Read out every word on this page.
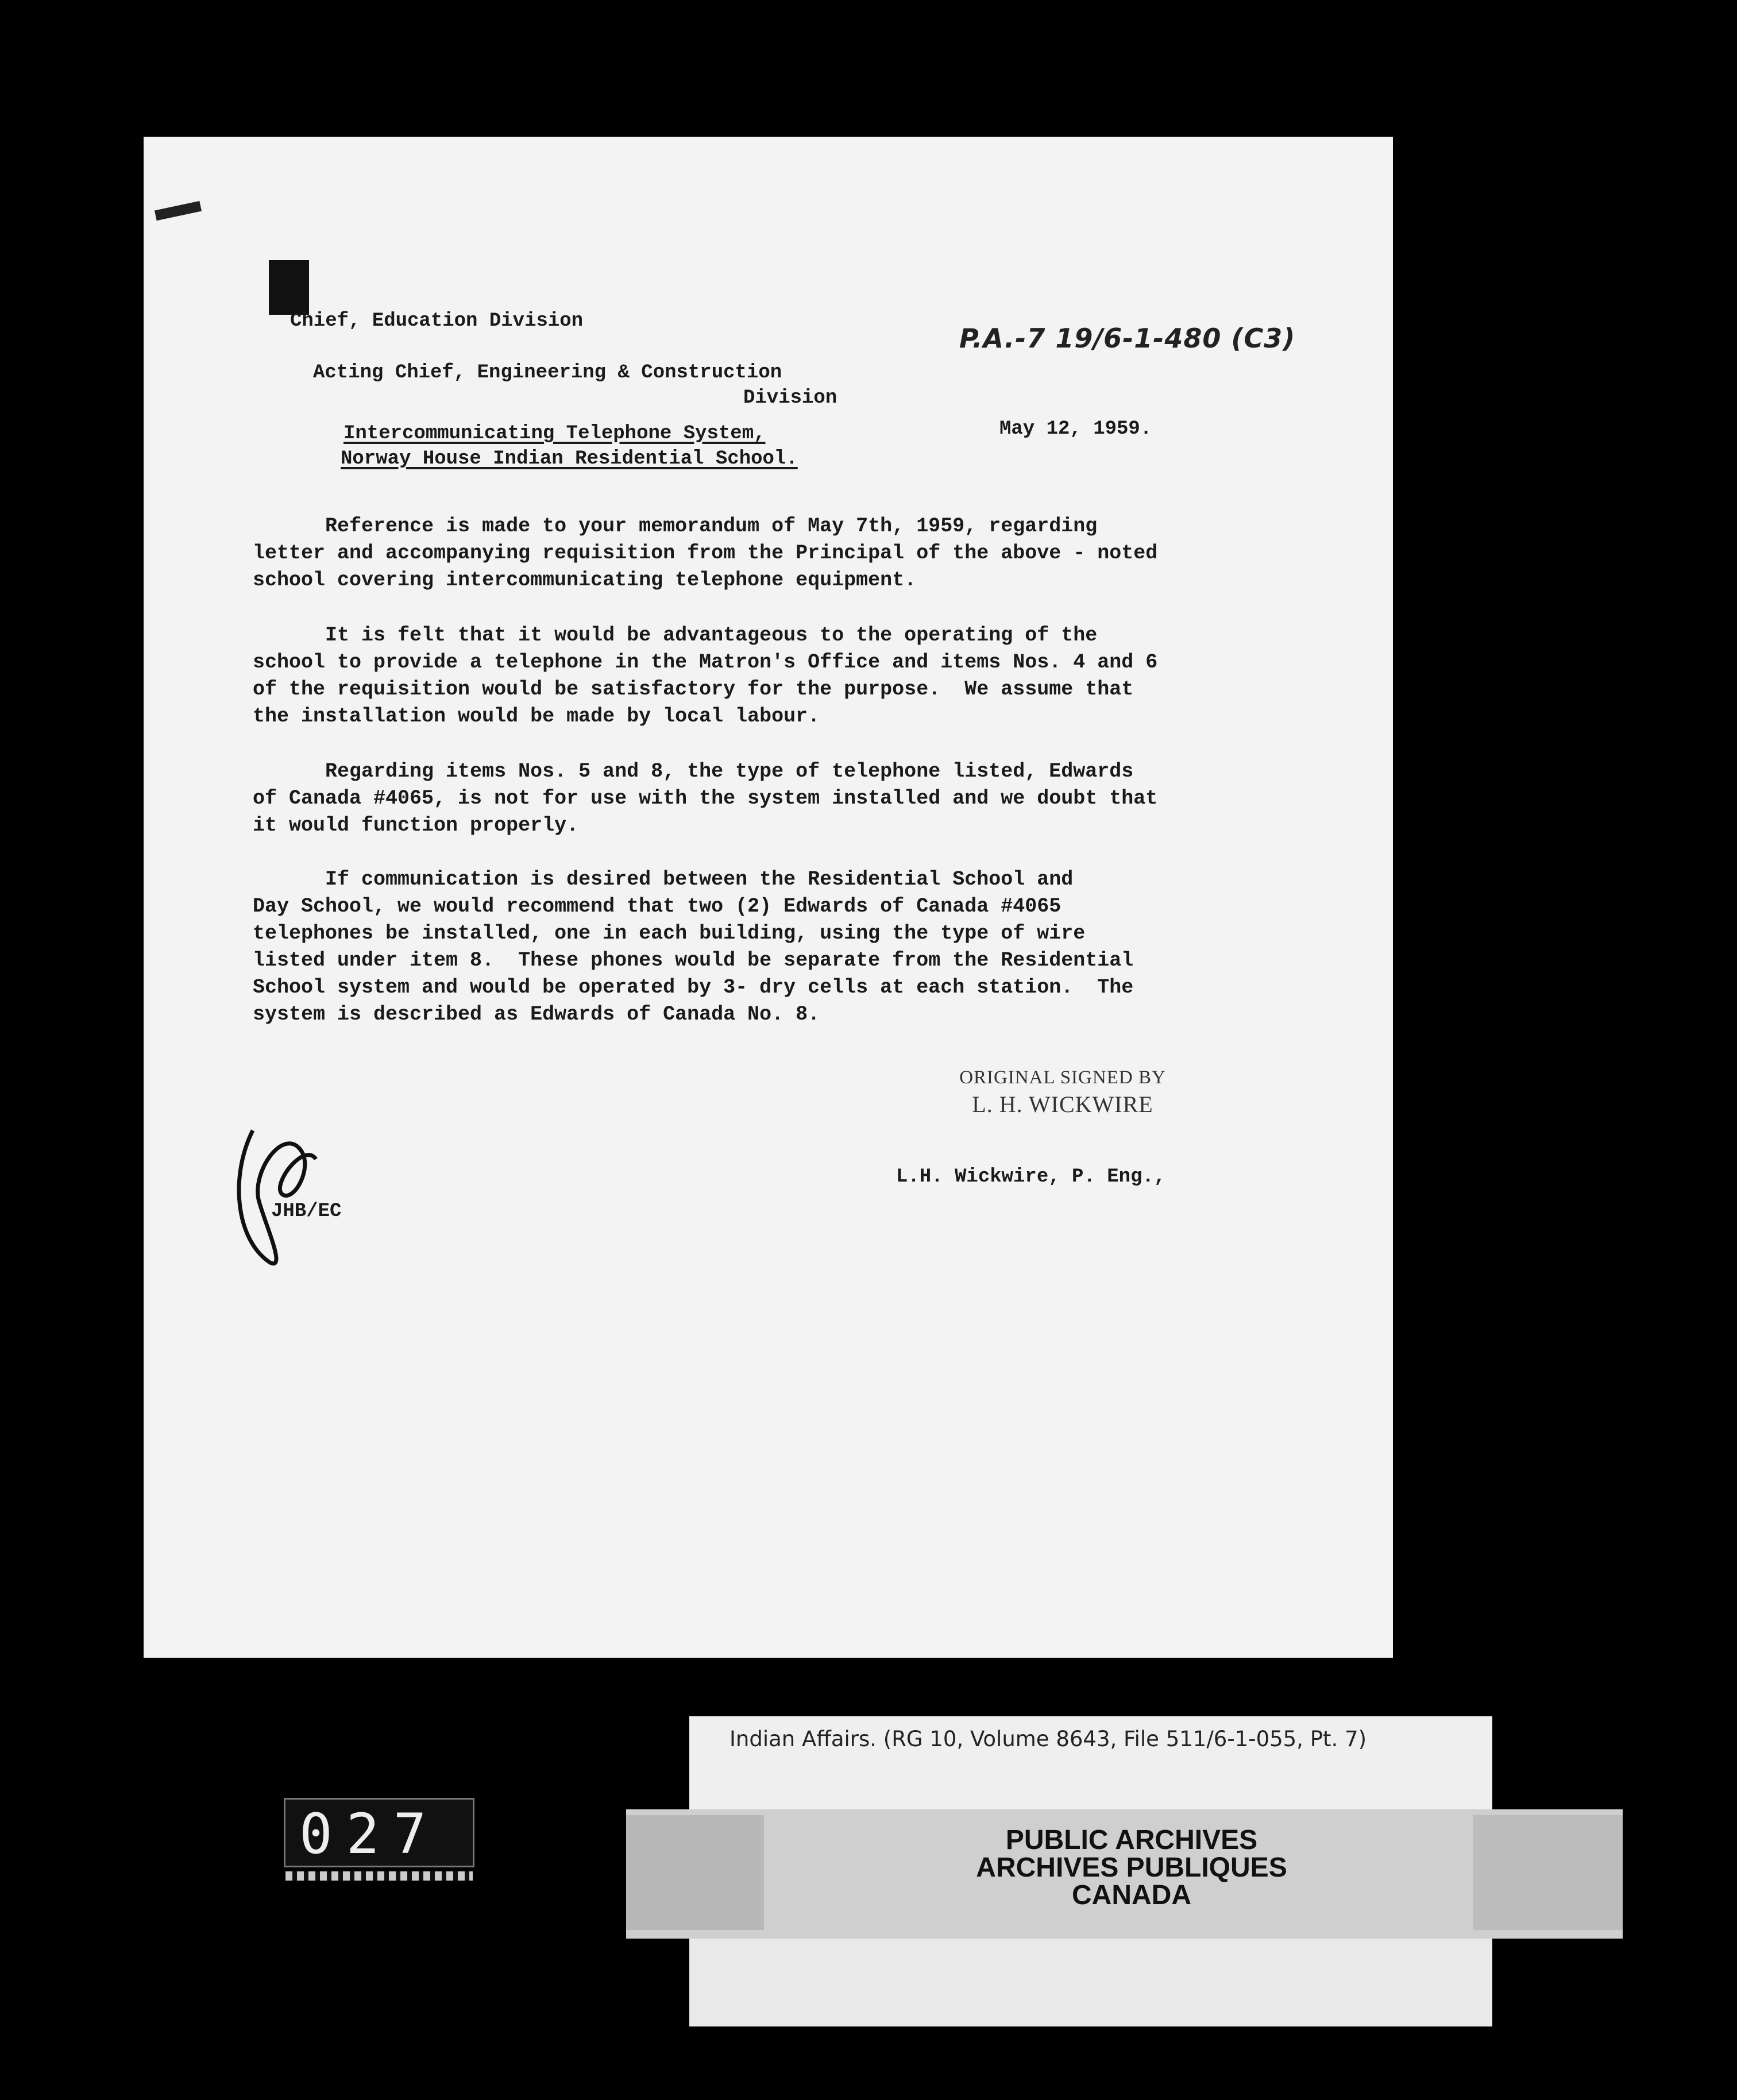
Chief, Education Division

P.A.-7 19/6-1-480 (C3)

Acting Chief, Engineering & Construction

Division

Intercommunicating Telephone System,

Norway House Indian Residential School.

May 12, 1959.

Reference is made to your memorandum of May 7th, 1959, regarding
letter and accompanying requisition from the Principal of the above - noted
school covering intercommunicating telephone equipment.

It is felt that it would be advantageous to the operating of the
school to provide a telephone in the Matron's Office and items Nos. 4 and 6
of the requisition would be satisfactory for the purpose.  We assume that
the installation would be made by local labour.

Regarding items Nos. 5 and 8, the type of telephone listed, Edwards
of Canada #4065, is not for use with the system installed and we doubt that
it would function properly.

If communication is desired between the Residential School and
Day School, we would recommend that two (2) Edwards of Canada #4065
telephones be installed, one in each building, using the type of wire
listed under item 8.  These phones would be separate from the Residential
School system and would be operated by 3- dry cells at each station.  The
system is described as Edwards of Canada No. 8.

ORIGINAL SIGNED BY
L. H. WICKWIRE

L.H. Wickwire, P. Eng.,

JHB/EC

027
Indian Affairs. (RG 10, Volume 8643, File 511/6-1-055, Pt. 7)
PUBLIC ARCHIVES
ARCHIVES PUBLIQUES
CANADA
